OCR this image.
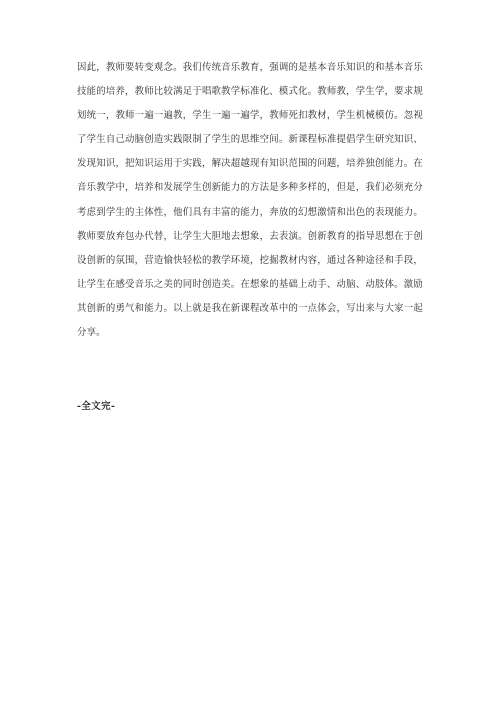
因此，教师要转变观念。我们传统音乐教育，强调的是基本音乐知识的和基本音乐技能的培养，教师比较满足于唱歌教学标准化、模式化。教师教，学生学，要求规划统一，教师一遍一遍教，学生一遍一遍学，教师死扣教材，学生机械模仿。忽视了学生自己动脑创造实践限制了学生的思维空间。新课程标准提倡学生研究知识、发现知识，把知识运用于实践，解决超越现有知识范围的问题，培养独创能力。在音乐教学中，培养和发展学生创新能力的方法是多种多样的，但是，我们必须充分考虑到学生的主体性，他们具有丰富的能力，奔放的幻想激情和出色的表现能力。教师要放弃包办代替，让学生大胆地去想象，去表演。创新教育的指导思想在于创设创新的氛围，营造愉快轻松的教学环境，挖掘教材内容，通过各种途径和手段，让学生在感受音乐之美的同时创造美。在想象的基础上动手、动脑、动肢体。激励其创新的勇气和能力。以上就是我在新课程改革中的一点体会，写出来与大家一起分享。

-全文完-
